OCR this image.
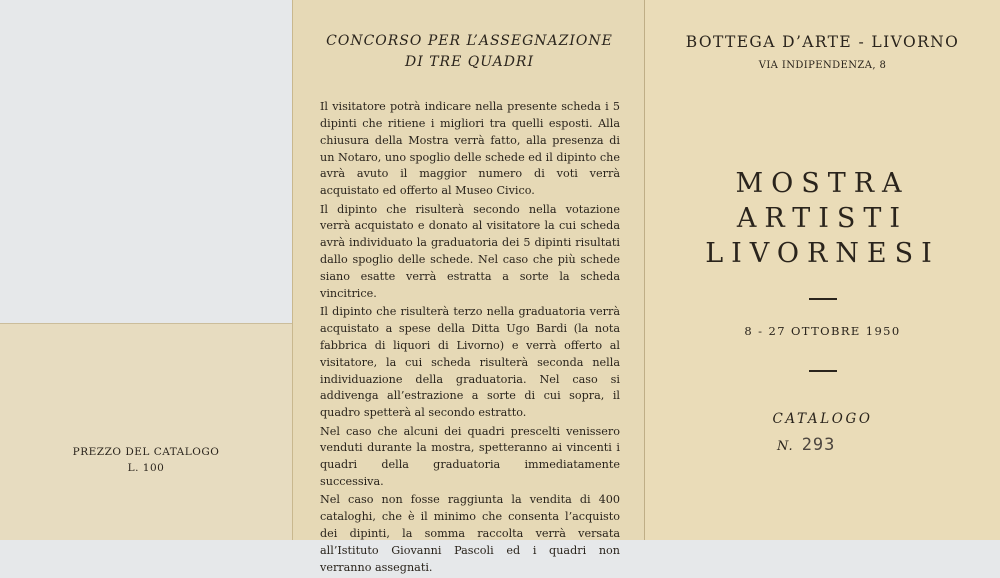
PREZZO DEL CATALOGO
L. 100
CONCORSO PER L’ASSEGNAZIONE
DI TRE QUADRI

Il visitatore potrà indicare nella presente scheda i 5 dipinti che ritiene i migliori tra quelli esposti. Alla chiusura della Mostra verrà fatto, alla presenza di un Notaro, uno spoglio delle schede ed il dipinto che avrà avuto il maggior numero di voti verrà acquistato ed offerto al Museo Civico.

Il dipinto che risulterà secondo nella votazione verrà acquistato e donato al visitatore la cui scheda avrà individuato la graduatoria dei 5 dipinti risultati dallo spoglio delle schede. Nel caso che più schede siano esatte verrà estratta a sorte la scheda vincitrice.

Il dipinto che risulterà terzo nella graduatoria verrà acquistato a spese della Ditta Ugo Bardi (la nota fabbrica di liquori di Livorno) e verrà offerto al visitatore, la cui scheda risulterà seconda nella individuazione della graduatoria. Nel caso si addivenga all’estrazione a sorte di cui sopra, il quadro spetterà al secondo estratto.

Nel caso che alcuni dei quadri prescelti venissero venduti durante la mostra, spetteranno ai vincenti i quadri della graduatoria immediatamente successiva.

Nel caso non fosse raggiunta la vendita di 400 cataloghi, che è il minimo che consenta l’acquisto dei dipinti, la somma raccolta verrà versata all’Istituto Giovanni Pascoli ed i quadri non verranno assegnati.

BOTTEGA D’ARTE - LIVORNO
VIA INDIPENDENZA, 8
MOSTRA
ARTISTI
LIVORNESI
8 - 27 OTTOBRE 1950
CATALOGO
N. 293
